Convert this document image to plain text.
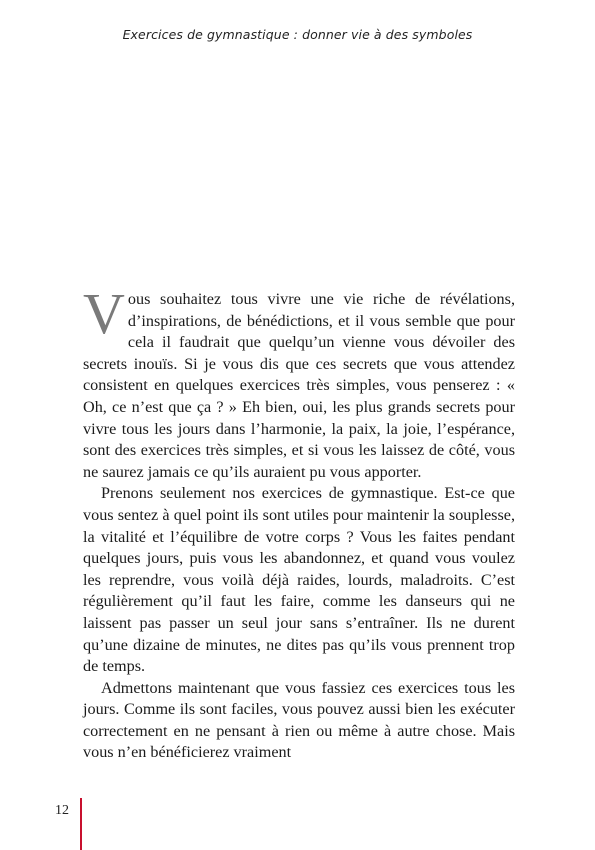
Exercices de gymnastique : donner vie à des symboles

Vous souhaitez tous vivre une vie riche de révélations, d’inspirations, de bénédictions, et il vous semble que pour cela il faudrait que quelqu’un vienne vous dévoiler des secrets inouïs. Si je vous dis que ces secrets que vous attendez consistent en quelques exercices très simples, vous penserez : « Oh, ce n’est que ça ? » Eh bien, oui, les plus grands secrets pour vivre tous les jours dans l’harmonie, la paix, la joie, l’espérance, sont des exercices très simples, et si vous les laissez de côté, vous ne saurez jamais ce qu’ils auraient pu vous apporter.

Prenons seulement nos exercices de gymnastique. Est-ce que vous sentez à quel point ils sont utiles pour maintenir la souplesse, la vitalité et l’équilibre de votre corps ? Vous les faites pendant quelques jours, puis vous les abandonnez, et quand vous voulez les reprendre, vous voilà déjà raides, lourds, maladroits. C’est régulièrement qu’il faut les faire, comme les danseurs qui ne laissent pas passer un seul jour sans s’entraîner. Ils ne durent qu’une dizaine de minutes, ne dites pas qu’ils vous prennent trop de temps.

Admettons maintenant que vous fassiez ces exercices tous les jours. Comme ils sont faciles, vous pouvez aussi bien les exécuter correctement en ne pensant à rien ou même à autre chose. Mais vous n’en bénéficierez vraiment

12
